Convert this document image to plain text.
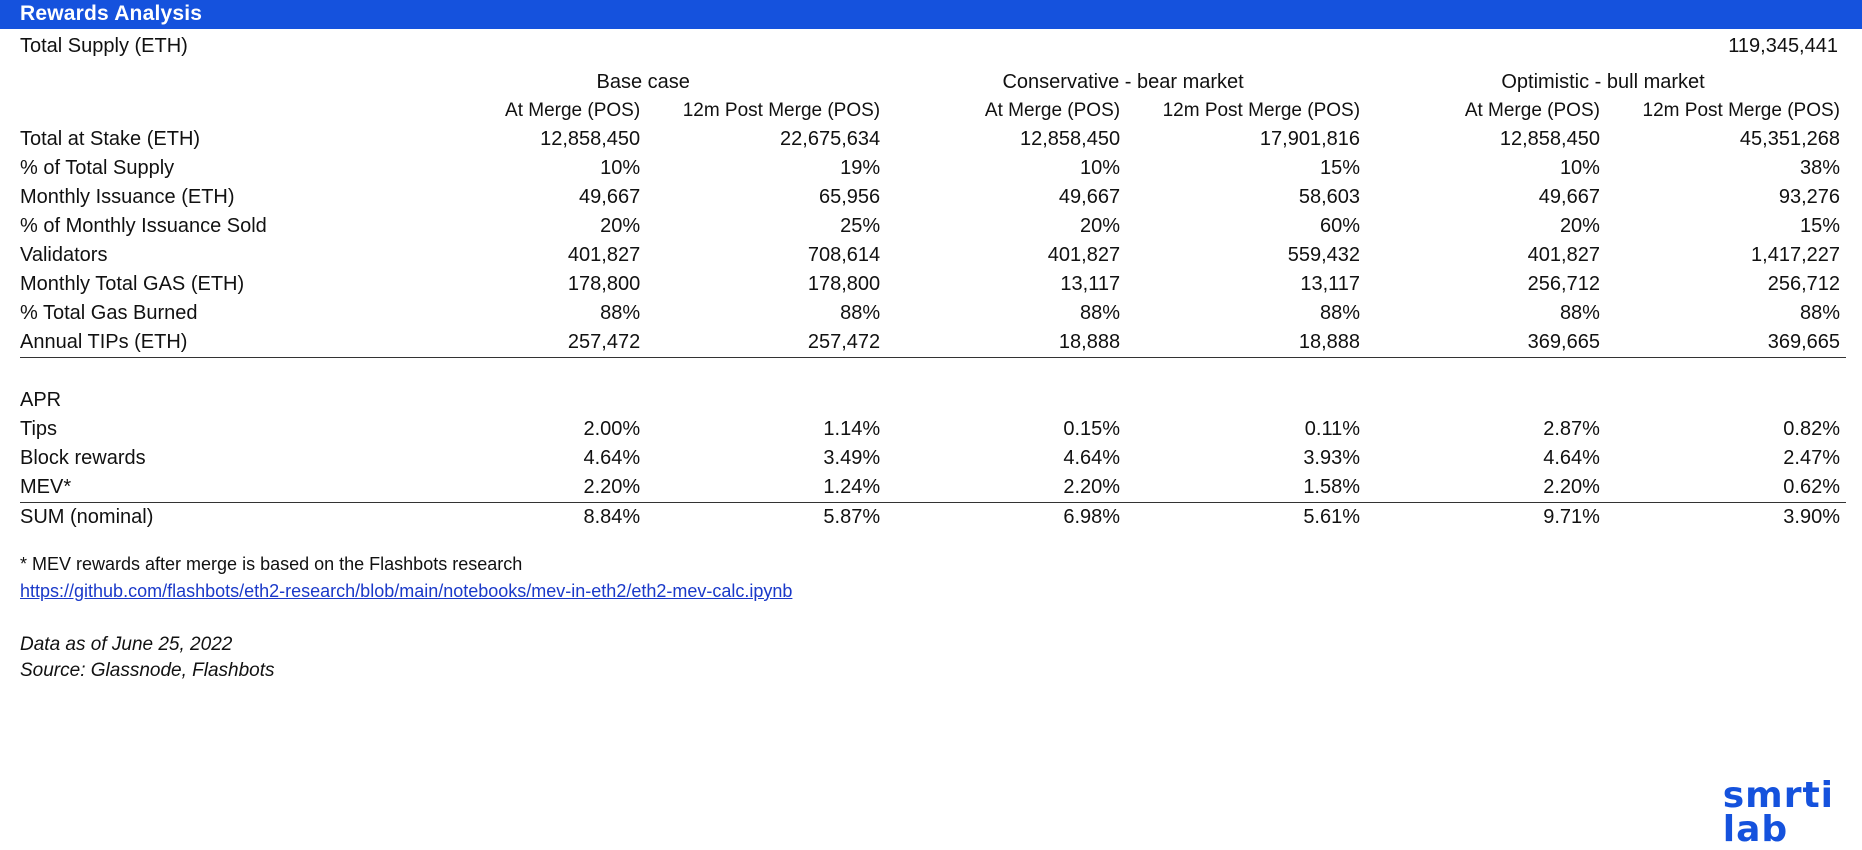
Rewards Analysis
Total Supply (ETH)	119,345,441
	Base case		Conservative - bear market		Optimistic - bull market	
	At Merge (POS)	12m Post Merge (POS)	At Merge (POS)	12m Post Merge (POS)	At Merge (POS)	12m Post Merge (POS)
Total at Stake (ETH)	12,858,450	22,675,634	12,858,450	17,901,816	12,858,450	45,351,268
% of Total Supply	10%	19%	10%	15%	10%	38%
Monthly Issuance (ETH)	49,667	65,956	49,667	58,603	49,667	93,276
% of Monthly Issuance Sold	20%	25%	20%	60%	20%	15%
Validators	401,827	708,614	401,827	559,432	401,827	1,417,227
Monthly Total GAS (ETH)	178,800	178,800	13,117	13,117	256,712	256,712
% Total Gas Burned	88%	88%	88%	88%	88%	88%
Annual TIPs (ETH)	257,472	257,472	18,888	18,888	369,665	369,665

APR						
Tips	2.00%	1.14%	0.15%	0.11%	2.87%	0.82%
Block rewards	4.64%	3.49%	4.64%	3.93%	4.64%	2.47%
MEV*	2.20%	1.24%	2.20%	1.58%	2.20%	0.62%
SUM (nominal)	8.84%	5.87%	6.98%	5.61%	9.71%	3.90%
* MEV rewards after merge is based on the Flashbots research
https://github.com/flashbots/eth2-research/blob/main/notebooks/mev-in-eth2/eth2-mev-calc.ipynb
Data as of June 25, 2022
Source: Glassnode, Flashbots
smrti
lab
